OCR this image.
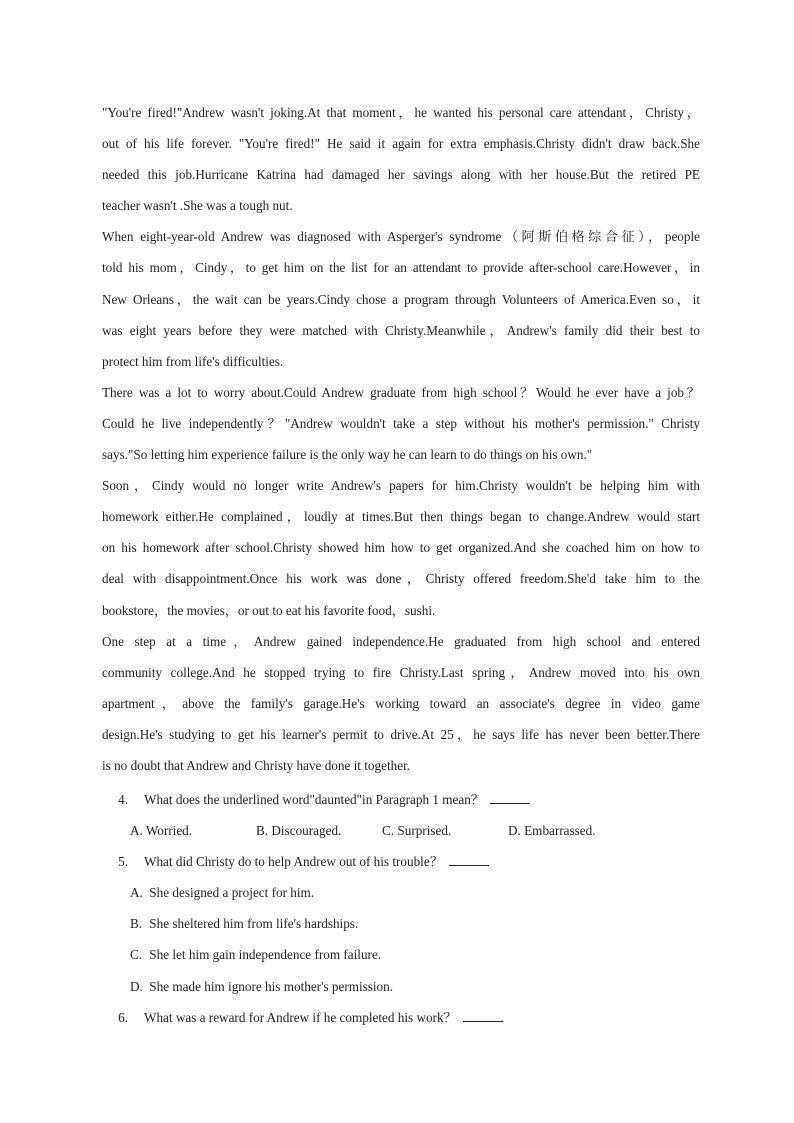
"You're fired!"Andrew wasn't joking.At that moment，he wanted his personal care attendant，Christy，
out of his life forever. "You're fired!" He said it again for extra emphasis.Christy didn't draw back.She
needed this job.Hurricane Katrina had damaged her savings along with her house.But the retired PE
teacher wasn't .She was a tough nut.
When eight-year-old Andrew was diagnosed with Asperger's syndrome（阿斯伯格综合征），people
told his mom，Cindy，to get him on the list for an attendant to provide after-school care.However，in
New Orleans，the wait can be years.Cindy chose a program through Volunteers of America.Even so，it
was eight years before they were matched with Christy.Meanwhile，Andrew's family did their best to
protect him from life's difficulties.
There was a lot to worry about.Could Andrew graduate from high school？Would he ever have a job？
Could he live independently？"Andrew wouldn't take a step without his mother's permission." Christy
says."So letting him experience failure is the only way he can learn to do things on his own."
Soon，Cindy would no longer write Andrew's papers for him.Christy wouldn't be helping him with
homework either.He complained，loudly at times.But then things began to change.Andrew would start
on his homework after school.Christy showed him how to get organized.And she coached him on how to
deal with disappointment.Once his work was done，Christy offered freedom.She'd take him to the
bookstore，the movies，or out to eat his favorite food，sushi.
One step at a time，Andrew gained independence.He graduated from high school and entered
community college.And he stopped trying to fire Christy.Last spring，Andrew moved into his own
apartment，above the family's garage.He's working toward an associate's degree in video game
design.He's studying to get his learner's permit to drive.At 25，he says life has never been better.There
is no doubt that Andrew and Christy have done it together.
4. What does the underlined word"daunted"in Paragraph 1 mean？
A. Worried.	B. Discouraged.	C. Surprised.	D. Embarrassed.
5. What did Christy do to help Andrew out of his trouble？
A. She designed a project for him.
B. She sheltered him from life's hardships.
C. She let him gain independence from failure.
D. She made him ignore his mother's permission.
6. What was a reward for Andrew if he completed his work？
